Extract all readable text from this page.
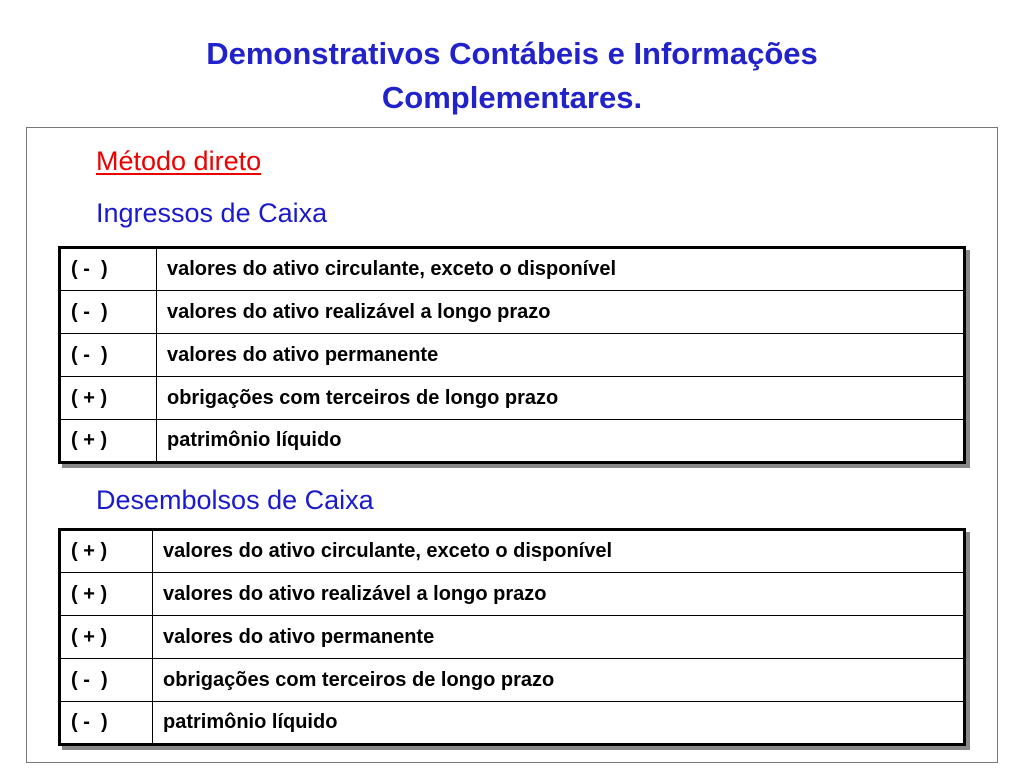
Demonstrativos Contábeis e Informações
Complementares.
Método direto
Ingressos de Caixa
( -  )	valores do ativo circulante, exceto o disponível
( -  )	valores do ativo realizável a longo prazo
( -  )	valores do ativo permanente
( + )	obrigações com terceiros de longo prazo
( + )	patrimônio líquido
Desembolsos de Caixa
( + )	valores do ativo circulante, exceto o disponível
( + )	valores do ativo realizável a longo prazo
( + )	valores do ativo permanente
( -  )	obrigações com terceiros de longo prazo
( -  )	patrimônio líquido
